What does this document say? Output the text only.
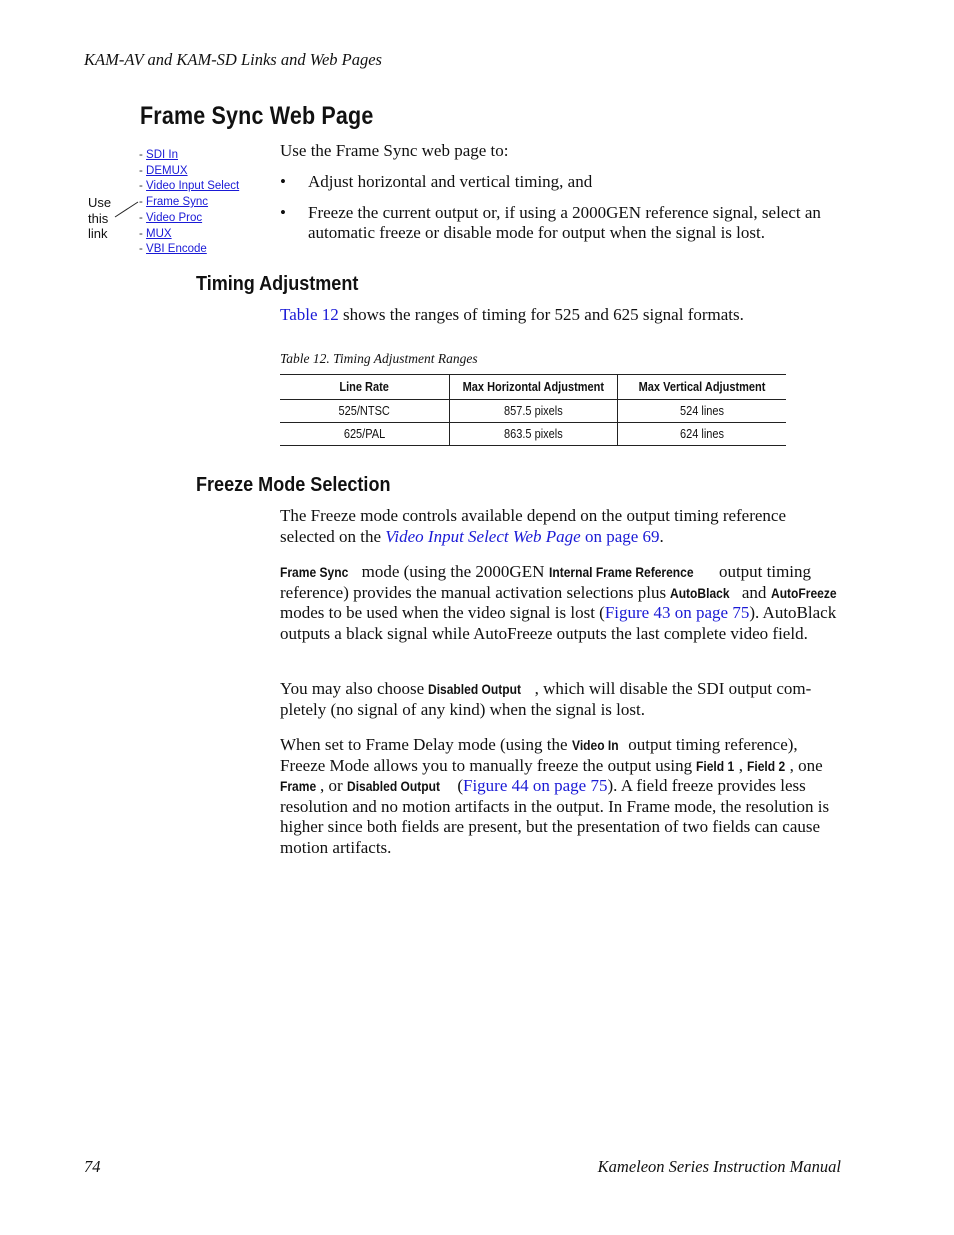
KAM-AV and KAM-SD Links and Web Pages
Frame Sync Web Page
- SDI In
- DEMUX
- Video Input Select
- Frame Sync
- Video Proc
- MUX
- VBI Encode
Use
this
link
Use the Frame Sync web page to:
• Adjust horizontal and vertical timing, and
• Freeze the current output or, if using a 2000GEN reference signal, select an automatic freeze or disable mode for output when the signal is lost.
Timing Adjustment
Table 12 shows the ranges of timing for 525 and 625 signal formats.
Table 12. Timing Adjustment Ranges
Line Rate	Max Horizontal Adjustment	Max Vertical Adjustment
525/NTSC	857.5 pixels	524 lines
625/PAL	863.5 pixels	624 lines
Freeze Mode Selection
The Freeze mode controls available depend on the output timing reference selected on the Video Input Select Web Page on page 69.
Frame Sync mode (using the 2000GEN Internal Frame Reference output timing reference) provides the manual activation selections plus AutoBlack and AutoFreeze modes to be used when the video signal is lost (Figure 43 on page 75). AutoBlack outputs a black signal while AutoFreeze outputs the last complete video field.
You may also choose Disabled Output , which will disable the SDI output com-pletely (no signal of any kind) when the signal is lost.
When set to Frame Delay mode (using the Video In output timing reference), Freeze Mode allows you to manually freeze the output using Field 1 , Field 2 , one Frame , or Disabled Output (Figure 44 on page 75). A field freeze provides less resolution and no motion artifacts in the output. In Frame mode, the resolution is higher since both fields are present, but the presentation of two fields can cause motion artifacts.
74	Kameleon Series Instruction Manual
